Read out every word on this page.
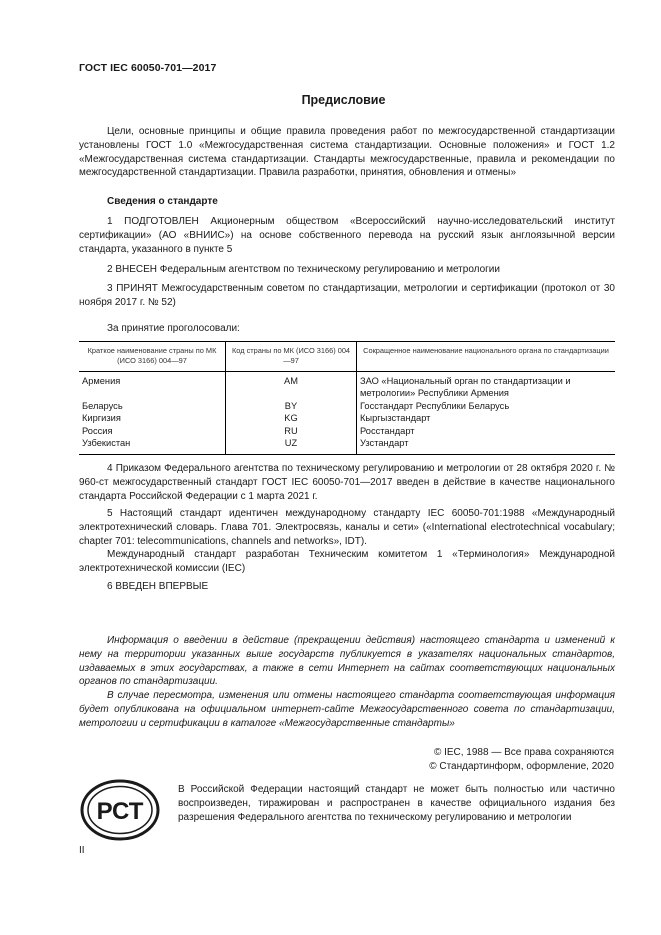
ГОСТ IEC 60050-701—2017
Предисловие
Цели, основные принципы и общие правила проведения работ по межгосударственной стандартизации установлены ГОСТ 1.0 «Межгосударственная система стандартизации. Основные положения» и ГОСТ 1.2 «Межгосударственная система стандартизации. Стандарты межгосударственные, правила и рекомендации по межгосударственной стандартизации. Правила разработки, принятия, обновления и отмены»
Сведения о стандарте
1 ПОДГОТОВЛЕН Акционерным обществом «Всероссийский научно-исследовательский институт сертификации» (АО «ВНИИС») на основе собственного перевода на русский язык англоязычной версии стандарта, указанного в пункте 5
2 ВНЕСЕН Федеральным агентством по техническому регулированию и метрологии
3 ПРИНЯТ Межгосударственным советом по стандартизации, метрологии и сертификации (протокол от 30 ноября 2017 г. № 52)
За принятие проголосовали:
Краткое наименование страны по МК (ИСО 3166) 004—97	Код страны по МК (ИСО 3166) 004—97	Сокращенное наименование национального органа по стандартизации
Армения	AM	ЗАО «Национальный орган по стандартизации и метрологии» Республики Армения
Беларусь	BY	Госстандарт Республики Беларусь
Киргизия	KG	Кыргызстандарт
Россия	RU	Росстандарт
Узбекистан	UZ	Узстандарт
4 Приказом Федерального агентства по техническому регулированию и метрологии от 28 октября 2020 г. № 960-ст межгосударственный стандарт ГОСТ IEC 60050-701—2017 введен в действие в качестве национального стандарта Российской Федерации с 1 марта 2021 г.
5 Настоящий стандарт идентичен международному стандарту IEC 60050-701:1988 «Международный электротехнический словарь. Глава 701. Электросвязь, каналы и сети» («International electrotechnical vocabulary; chapter 701: telecommunications, channels and networks», IDT).
Международный стандарт разработан Техническим комитетом 1 «Терминология» Международной электротехнической комиссии (IEC)
6 ВВЕДЕН ВПЕРВЫЕ
Информация о введении в действие (прекращении действия) настоящего стандарта и изменений к нему на территории указанных выше государств публикуется в указателях национальных стандартов, издаваемых в этих государствах, а также в сети Интернет на сайтах соответствующих национальных органов по стандартизации.
В случае пересмотра, изменения или отмены настоящего стандарта соответствующая информация будет опубликована на официальном интернет-сайте Межгосударственного совета по стандартизации, метрологии и сертификации в каталоге «Межгосударственные стандарты»
© IEC, 1988 — Все права сохраняются
© Стандартинформ, оформление, 2020
РСТ
В Российской Федерации настоящий стандарт не может быть полностью или частично воспроизведен, тиражирован и распространен в качестве официального издания без разрешения Федерального агентства по техническому регулированию и метрологии
II
